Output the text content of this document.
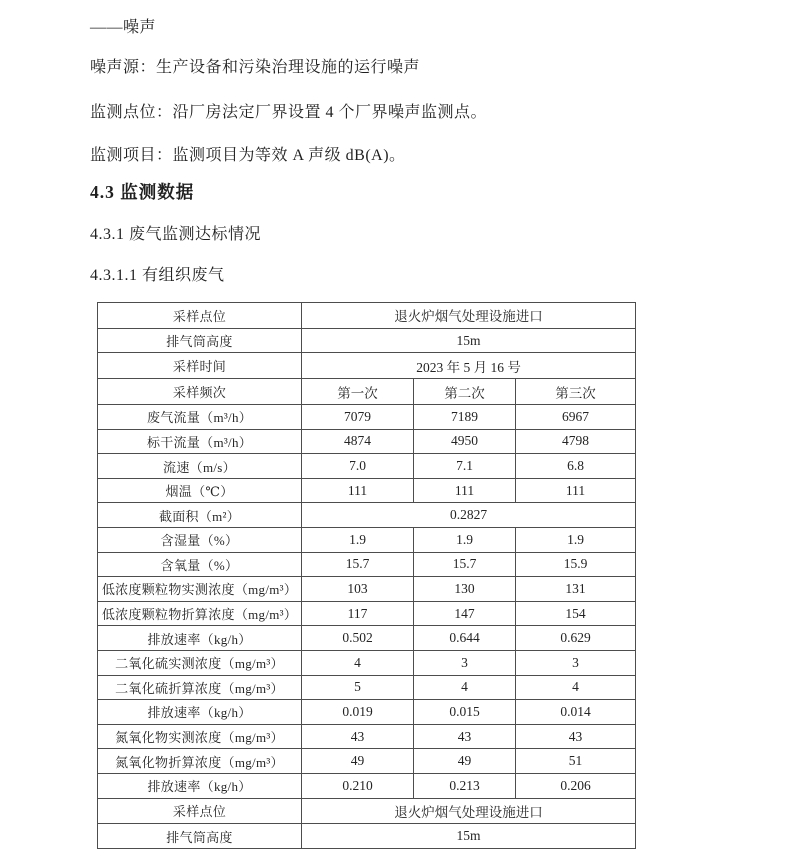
——噪声
噪声源：生产设备和污染治理设施的运行噪声
监测点位：沿厂房法定厂界设置 4 个厂界噪声监测点。
监测项目：监测项目为等效 A 声级 dB(A)。
4.3 监测数据
4.3.1 废气监测达标情况
4.3.1.1 有组织废气
采样点位	退火炉烟气处理设施进口		
排气筒高度	15m		
采样时间	2023 年 5 月 16 号		
采样频次	第一次	第二次	第三次
废气流量（m³/h）	7079	7189	6967
标干流量（m³/h）	4874	4950	4798
流速（m/s）	7.0	7.1	6.8
烟温（℃）	111	111	111
截面积（m²）	0.2827		
含湿量（%）	1.9	1.9	1.9
含氧量（%）	15.7	15.7	15.9
低浓度颗粒物实测浓度（mg/m³）	103	130	131
低浓度颗粒物折算浓度（mg/m³）	117	147	154
排放速率（kg/h）	0.502	0.644	0.629
二氧化硫实测浓度（mg/m³）	4	3	3
二氧化硫折算浓度（mg/m³）	5	4	4
排放速率（kg/h）	0.019	0.015	0.014
氮氧化物实测浓度（mg/m³）	43	43	43
氮氧化物折算浓度（mg/m³）	49	49	51
排放速率（kg/h）	0.210	0.213	0.206
采样点位	退火炉烟气处理设施进口		
排气筒高度	15m		
